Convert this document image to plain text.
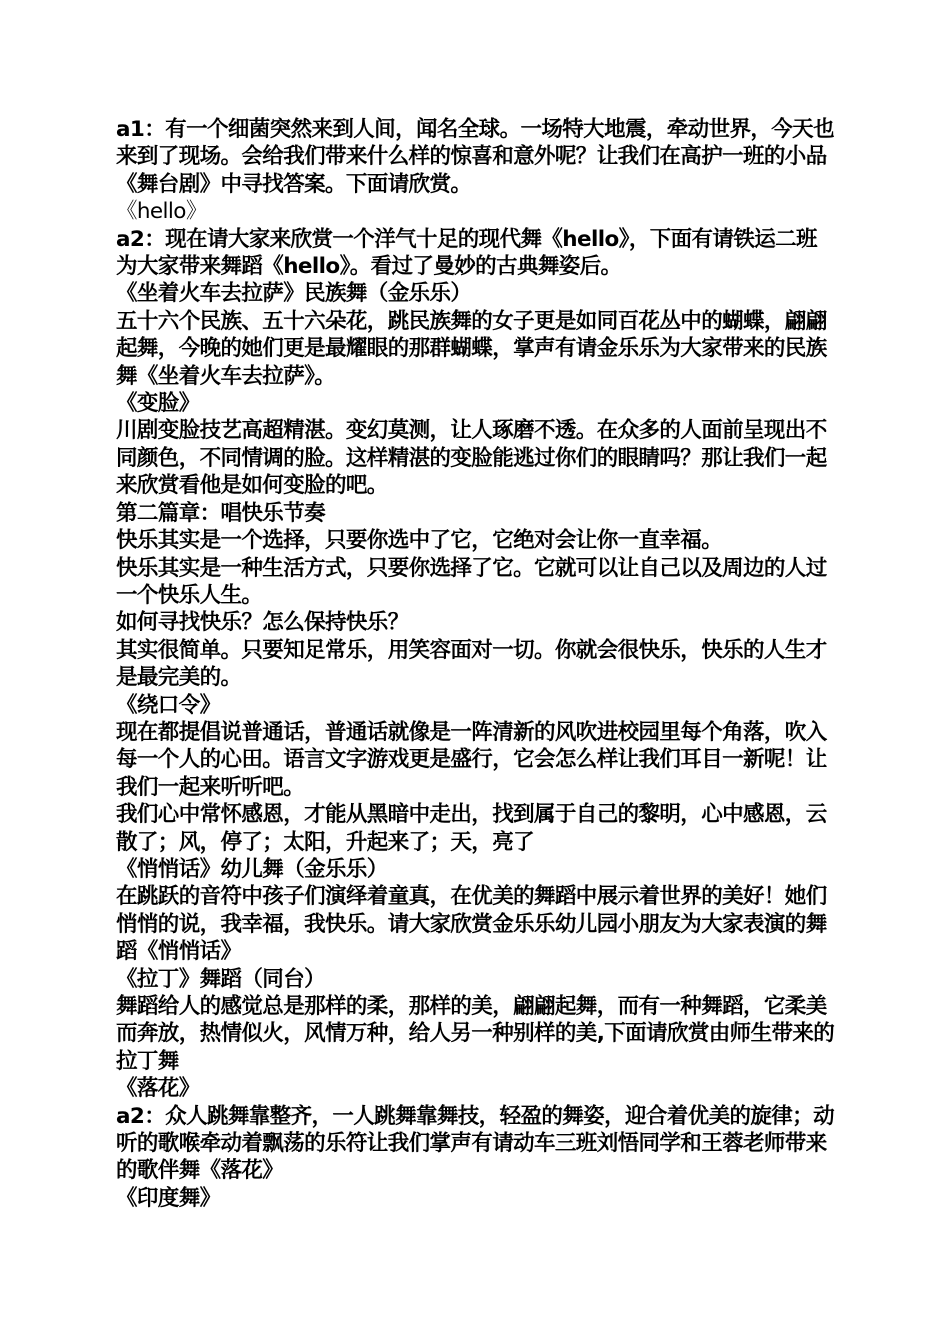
a1：有一个细菌突然来到人间，闻名全球。一场特大地震，牵动世界，今天也来到了现场。会给我们带来什么样的惊喜和意外呢？让我们在高护一班的小品《舞台剧》中寻找答案。下面请欣赏。

《hello》

a2：现在请大家来欣赏一个洋气十足的现代舞《hello》，下面有请铁运二班为大家带来舞蹈《hello》。看过了曼妙的古典舞姿后。

《坐着火车去拉萨》民族舞（金乐乐）

五十六个民族、五十六朵花，跳民族舞的女子更是如同百花丛中的蝴蝶，翩翩起舞，今晚的她们更是最耀眼的那群蝴蝶，掌声有请金乐乐为大家带来的民族舞《坐着火车去拉萨》。

《变脸》

川剧变脸技艺高超精湛。变幻莫测，让人琢磨不透。在众多的人面前呈现出不同颜色，不同情调的脸。这样精湛的变脸能逃过你们的眼睛吗？那让我们一起来欣赏看他是如何变脸的吧。

第二篇章：唱快乐节奏

快乐其实是一个选择，只要你选中了它，它绝对会让你一直幸福。

快乐其实是一种生活方式，只要你选择了它。它就可以让自己以及周边的人过一个快乐人生。

如何寻找快乐？怎么保持快乐？

其实很简单。只要知足常乐，用笑容面对一切。你就会很快乐，快乐的人生才是最完美的。

《绕口令》

现在都提倡说普通话，普通话就像是一阵清新的风吹进校园里每个角落，吹入每一个人的心田。语言文字游戏更是盛行，它会怎么样让我们耳目一新呢！让我们一起来听听吧。

我们心中常怀感恩，才能从黑暗中走出，找到属于自己的黎明，心中感恩，云散了；风，停了；太阳，升起来了；天，亮了

《悄悄话》幼儿舞（金乐乐）

在跳跃的音符中孩子们演绎着童真，在优美的舞蹈中展示着世界的美好！她们悄悄的说，我幸福，我快乐。请大家欣赏金乐乐幼儿园小朋友为大家表演的舞蹈《悄悄话》

《拉丁》舞蹈（同台）

舞蹈给人的感觉总是那样的柔，那样的美，翩翩起舞，而有一种舞蹈，它柔美而奔放，热情似火，风情万种，给人另一种别样的美,下面请欣赏由师生带来的拉丁舞

《落花》

a2：众人跳舞靠整齐，一人跳舞靠舞技，轻盈的舞姿，迎合着优美的旋律；动听的歌喉牵动着飘荡的乐符让我们掌声有请动车三班刘悟同学和王蓉老师带来的歌伴舞《落花》

《印度舞》
